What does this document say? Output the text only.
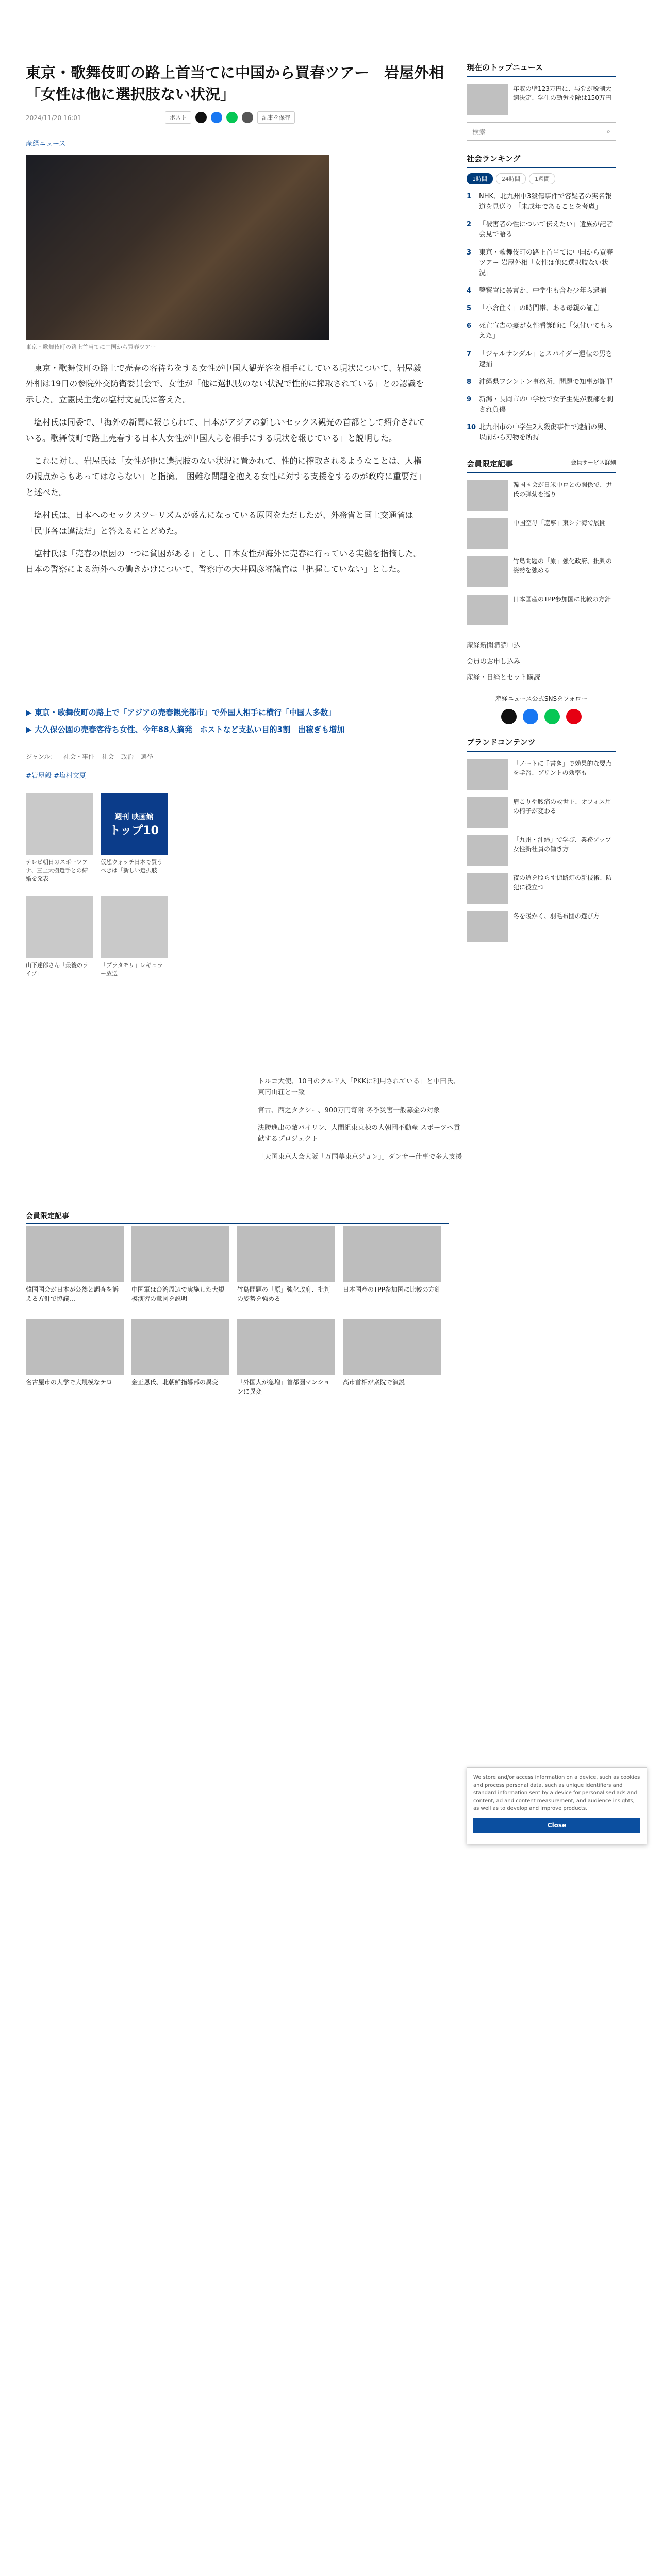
東京・歌舞伎町の路上首当てに中国から買春ツアー　岩屋外相「女性は他に選択肢ない状況」
2024/11/20 16:01	ポスト	記事を保存
産経ニュース
東京・歌舞伎町の路上首当てに中国から買春ツアー

東京・歌舞伎町の路上で売春の客待ちをする女性が中国人観光客を相手にしている現状について、岩屋毅外相は19日の参院外交防衛委員会で、女性が「他に選択肢のない状況で性的に搾取されている」との認識を示した。立憲民主党の塩村文夏氏に答えた。

塩村氏は同委で、「海外の新聞に報じられて、日本がアジアの新しいセックス観光の首都として紹介されている。歌舞伎町で路上売春する日本人女性が中国人らを相手にする現状を報じている」と説明した。

これに対し、岩屋氏は「女性が他に選択肢のない状況に置かれて、性的に搾取されるようなことは、人権の観点からもあってはならない」と指摘。「困難な問題を抱える女性に対する支援をするのが政府に重要だ」と述べた。

塩村氏は、日本へのセックスツーリズムが盛んになっている原因をただしたが、外務省と国土交通省は「民事各は違法だ」と答えるにとどめた。

塩村氏は「売春の原因の一つに貧困がある」とし、日本女性が海外に売春に行っている実態を指摘した。日本の警察による海外への働きかけについて、警察庁の大井國彦審議官は「把握していない」とした。

▶ 東京・歌舞伎町の路上で「アジアの売春観光都市」で外国人相手に横行「中国人多数」
▶ 大久保公園の売春客待ち女性、今年88人摘発　ホストなど支払い目的3割　出稼ぎも増加
ジャンル： 社会・事件 社会 政治 選挙
#岩屋毅 #塩村文夏
テレビ朝日のスポーツアナ、三上大樹選手との結婚を発表
週刊 映画館
トップ10
仮想ウォッチ日本で買うべきは「新しい選択肢」
山下達郎さん「最後のライブ」
「プラタモリ」レギュラー放送

トルコ大使、10日のクルド人「PKKに利用されている」と中田氏、東南山荘と一致

宮古、西之タクシー、900万円寄附 冬季災害一般募金の対象

決勝進出の敵バイリン、大間組東東棟の大朝団不動産 スポーツへ貢献するプロジェクト

「天国東京大会大阪「万国幕東京ジョン」」ダンサー仕事で多大支援

会員限定記事
韓国国会が日本が公然と調査を訴える方針で協議…
中国軍は台湾周辺で実施した大規模演習の意図を説明
竹島問題の「原」強化政府、批判の姿勢を強める
日本国産のTPP参加国に比較の方針
名古屋市の大学で大規模なテロ	金正恩氏、北朝鮮指導部の異変	「外国人が急増」首都圏マンションに異変
高市首相が衆院で演説
現在のトップニュース
年収の壁123万円に、与党が税制大綱決定、学生の勤労控除は150万円
検索	⌕
社会ランキング
1時間	24時間	1週間
1	NHK、北九州中3殺傷事件で容疑者の実名報道を見送り 「未成年であることを考慮」
2	「被害者の性について伝えたい」遺族が記者会見で語る
3	東京・歌舞伎町の路上首当てに中国から買春ツアー 岩屋外相「女性は他に選択肢ない状況」
4	警察官に暴言か、中学生も含む少年ら逮捕
5	「小倉住く」の時間帯、ある母親の証言
6	死亡宣告の妻が女性看護師に「気付いてもらえた」
7	「ジャルサンダル」とスパイダー運転の男を逮捕
8	沖縄県ワシントン事務所、問題で知事が謝罪
9	新潟・長岡市の中学校で女子生徒が腹部を刺され負傷
10 北九州市の中学生2人殺傷事件で逮捕の男、以前から刃物を所持
会員限定記事	会員サービス詳細
韓国国会が日米中ロとの関係で、尹氏の弾劾を巡り
中国空母「遼寧」東シナ海で展開
竹島問題の「原」強化政府、批判の姿勢を強める
日本国産のTPP参加国に比較の方針
産経新聞購読申込
会員のお申し込み
産経・日経とセット購読
産経ニュース公式SNSをフォロー
ブランドコンテンツ
「ノートに手書き」で効果的な要点を学習、プリントの効率も
肩こりや腰痛の救世主、オフィス用の椅子が変わる
「九州・沖縄」で学び、業務アップ 女性新社員の働き方
夜の道を照らす街路灯の新技術、防犯に役立つ
冬を暖かく、羽毛布団の選び方
We store and/or access information on a device, such as cookies and process personal data, such as unique identifiers and standard information sent by a device for personalised ads and content, ad and content measurement, and audience insights, as well as to develop and improve products.
Close
